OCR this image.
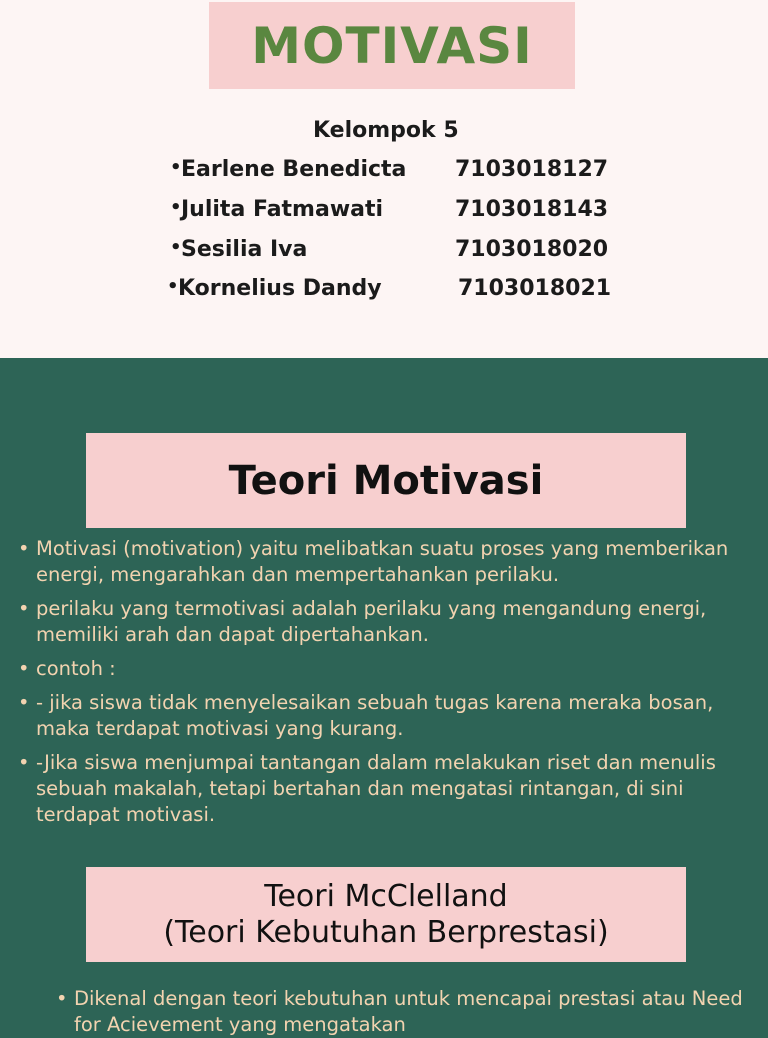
MOTIVASI
Kelompok 5
• Earlene Benedicta 7103018127
• Julita Fatmawati	7103018143
• Sesilia Iva	7103018020
• Kornelius Dandy	7103018021
Teori Motivasi
• Motivasi (motivation) yaitu melibatkan suatu proses yang memberikan energi, mengarahkan dan mempertahankan perilaku.
• perilaku yang termotivasi adalah perilaku yang mengandung energi, memiliki arah dan dapat dipertahankan.
• contoh :
• - jika siswa tidak menyelesaikan sebuah tugas karena meraka bosan, maka terdapat motivasi yang kurang.
• -Jika siswa menjumpai tantangan dalam melakukan riset dan menulis sebuah makalah, tetapi bertahan dan mengatasi rintangan, di sini terdapat motivasi.
Teori McClelland
(Teori Kebutuhan Berprestasi)
• Dikenal dengan teori kebutuhan untuk mencapai prestasi atau Need for Acievement yang mengatakan
